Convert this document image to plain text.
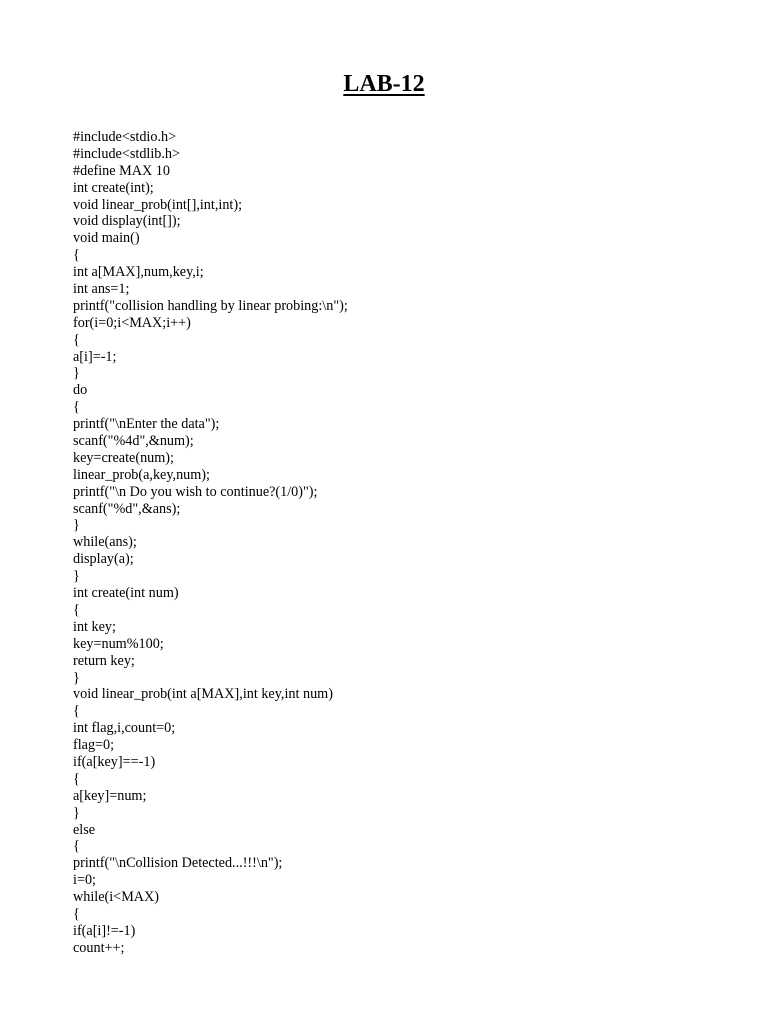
LAB-12
#include<stdio.h>
#include<stdlib.h>
#define MAX 10
int create(int);
void linear_prob(int[],int,int);
void display(int[]);
void main()
{
int a[MAX],num,key,i;
int ans=1;
printf("collision handling by linear probing:\n");
for(i=0;i<MAX;i++)
{
a[i]=-1;
}
do
{
printf("\nEnter the data");
scanf("%4d",&num);
key=create(num);
linear_prob(a,key,num);
printf("\n Do you wish to continue?(1/0)");
scanf("%d",&ans);
}
while(ans);
display(a);
}
int create(int num)
{
int key;
key=num%100;
return key;
}
void linear_prob(int a[MAX],int key,int num)
{
int flag,i,count=0;
flag=0;
if(a[key]==-1)
{
a[key]=num;
}
else
{
printf("\nCollision Detected...!!!\n");
i=0;
while(i<MAX)
{
if(a[i]!=-1)
count++;
